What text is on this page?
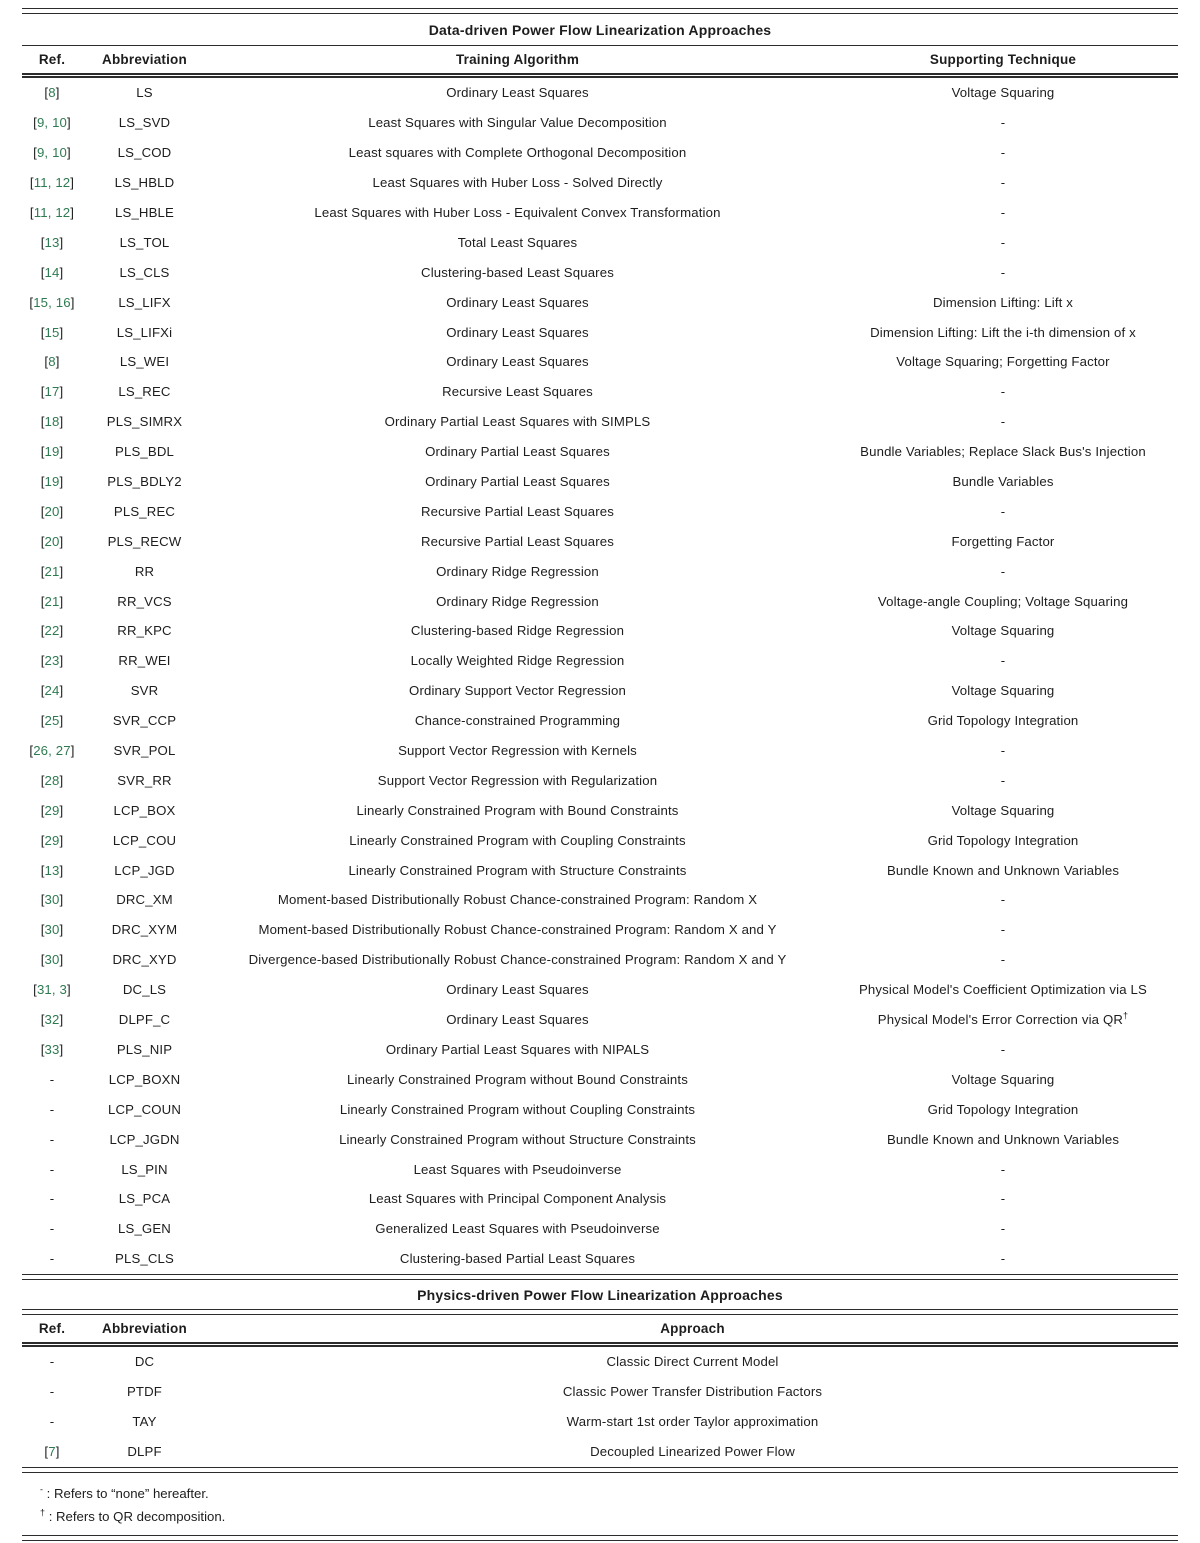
Data-driven Power Flow Linearization Approaches
Ref.	Abbreviation	Training Algorithm	Supporting Technique
[8]	LS	Ordinary Least Squares	Voltage Squaring
[9, 10]	LS_SVD	Least Squares with Singular Value Decomposition	-
[9, 10]	LS_COD	Least squares with Complete Orthogonal Decomposition	-
[11, 12]	LS_HBLD	Least Squares with Huber Loss - Solved Directly	-
[11, 12]	LS_HBLE	Least Squares with Huber Loss - Equivalent Convex Transformation	-
[13]	LS_TOL	Total Least Squares	-
[14]	LS_CLS	Clustering-based Least Squares	-
[15, 16]	LS_LIFX	Ordinary Least Squares	Dimension Lifting: Lift x
[15]	LS_LIFXi	Ordinary Least Squares	Dimension Lifting: Lift the i-th dimension of x
[8]	LS_WEI	Ordinary Least Squares	Voltage Squaring; Forgetting Factor
[17]	LS_REC	Recursive Least Squares	-
[18]	PLS_SIMRX	Ordinary Partial Least Squares with SIMPLS	-
[19]	PLS_BDL	Ordinary Partial Least Squares	Bundle Variables; Replace Slack Bus's Injection
[19]	PLS_BDLY2	Ordinary Partial Least Squares	Bundle Variables
[20]	PLS_REC	Recursive Partial Least Squares	-
[20]	PLS_RECW	Recursive Partial Least Squares	Forgetting Factor
[21]	RR	Ordinary Ridge Regression	-
[21]	RR_VCS	Ordinary Ridge Regression	Voltage-angle Coupling; Voltage Squaring
[22]	RR_KPC	Clustering-based Ridge Regression	Voltage Squaring
[23]	RR_WEI	Locally Weighted Ridge Regression	-
[24]	SVR	Ordinary Support Vector Regression	Voltage Squaring
[25]	SVR_CCP	Chance-constrained Programming	Grid Topology Integration
[26, 27]	SVR_POL	Support Vector Regression with Kernels	-
[28]	SVR_RR	Support Vector Regression with Regularization	-
[29]	LCP_BOX	Linearly Constrained Program with Bound Constraints	Voltage Squaring
[29]	LCP_COU	Linearly Constrained Program with Coupling Constraints	Grid Topology Integration
[13]	LCP_JGD	Linearly Constrained Program with Structure Constraints	Bundle Known and Unknown Variables
[30]	DRC_XM	Moment-based Distributionally Robust Chance-constrained Program: Random X	-
[30]	DRC_XYM	Moment-based Distributionally Robust Chance-constrained Program: Random X and Y	-
[30]	DRC_XYD	Divergence-based Distributionally Robust Chance-constrained Program: Random X and Y	-
[31, 3]	DC_LS	Ordinary Least Squares	Physical Model's Coefficient Optimization via LS
[32]	DLPF_C	Ordinary Least Squares	Physical Model's Error Correction via QR†
[33]	PLS_NIP	Ordinary Partial Least Squares with NIPALS	-
-	LCP_BOXN	Linearly Constrained Program without Bound Constraints	Voltage Squaring
-	LCP_COUN	Linearly Constrained Program without Coupling Constraints	Grid Topology Integration
-	LCP_JGDN	Linearly Constrained Program without Structure Constraints	Bundle Known and Unknown Variables
-	LS_PIN	Least Squares with Pseudoinverse	-
-	LS_PCA	Least Squares with Principal Component Analysis	-
-	LS_GEN	Generalized Least Squares with Pseudoinverse	-
-	PLS_CLS	Clustering-based Partial Least Squares	-
Physics-driven Power Flow Linearization Approaches
Ref.	Abbreviation	Approach
-	DC	Classic Direct Current Model
-	PTDF	Classic Power Transfer Distribution Factors
-	TAY	Warm-start 1st order Taylor approximation
[7]	DLPF	Decoupled Linearized Power Flow
- : Refers to “none” hereafter.
† : Refers to QR decomposition.
